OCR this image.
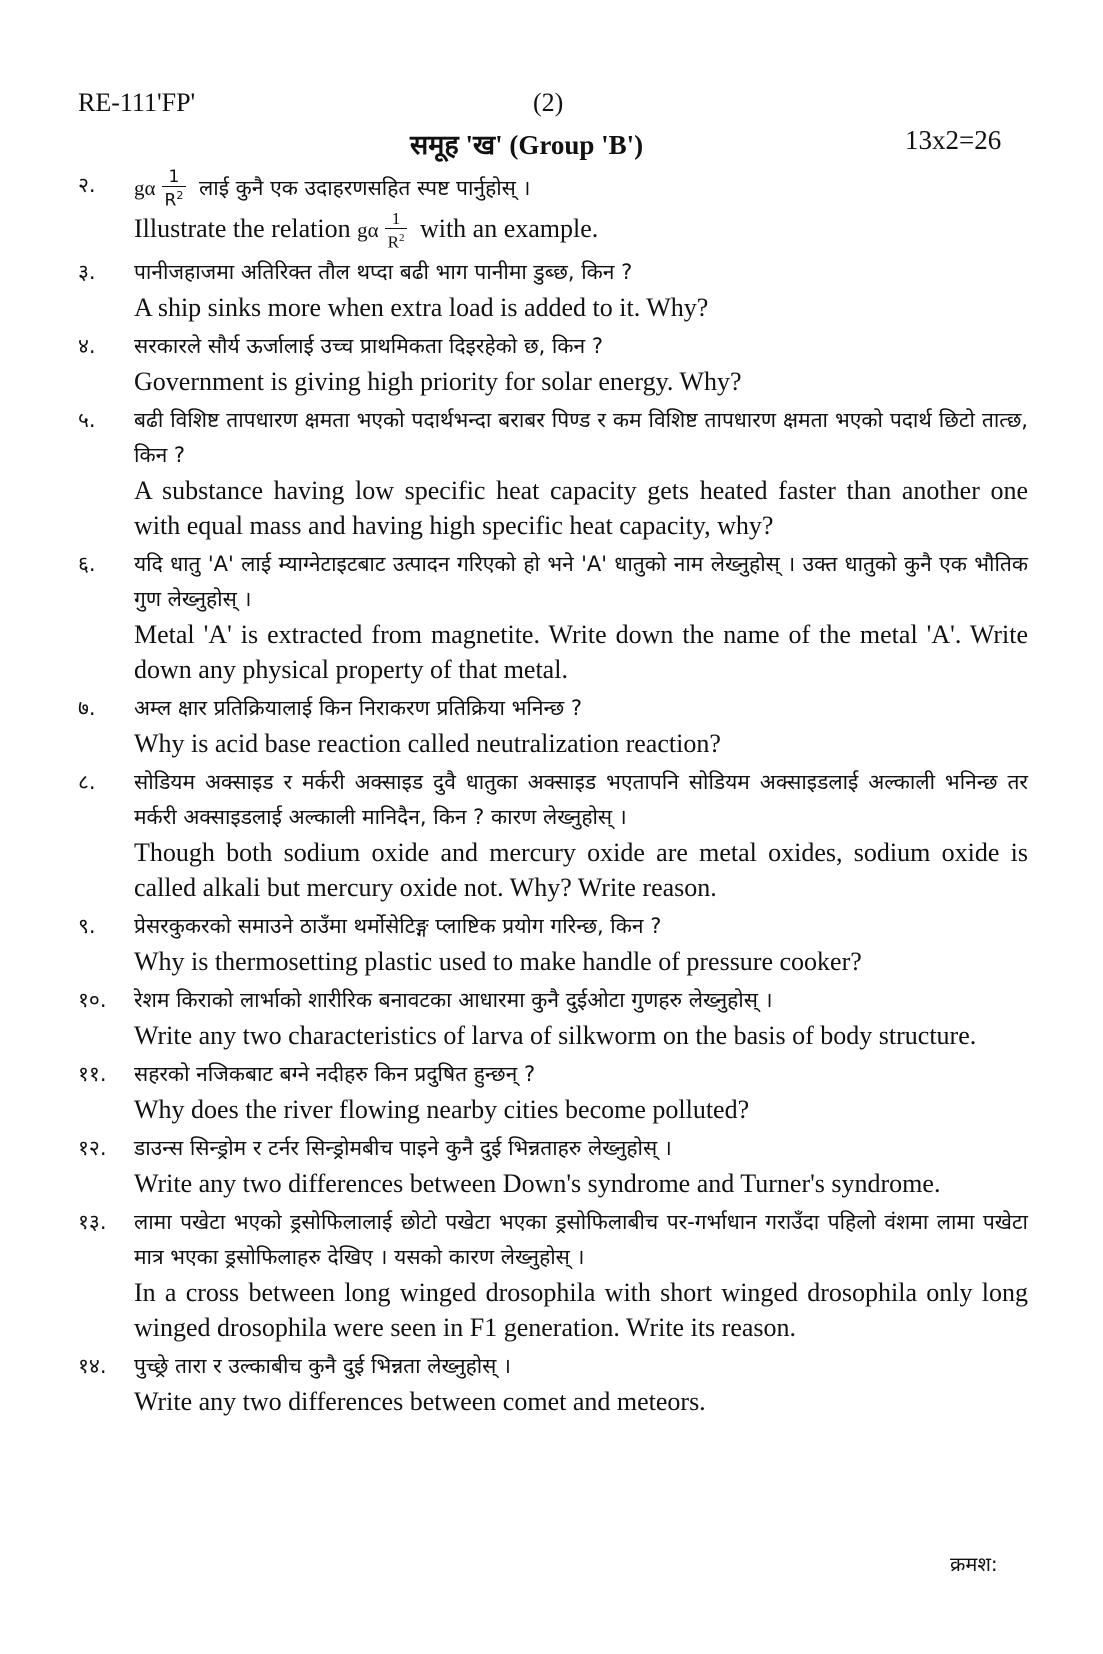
RE-111'FP'	(2)
समूह 'ख' (Group 'B')	13x2=26
२.	gα $\frac{1}{R^2}$ लाई कुनै एक उदाहरणसहित स्पष्ट पार्नुहोस् ।
Illustrate the relation gα $\frac{1}{R^2}$ with an example.
३.	पानीजहाजमा अतिरिक्त तौल थप्दा बढी भाग पानीमा डुब्छ, किन ?
A ship sinks more when extra load is added to it. Why?
४.	सरकारले सौर्य ऊर्जालाई उच्च प्राथमिकता दिइरहेको छ, किन ?
Government is giving high priority for solar energy. Why?
५.	बढी विशिष्ट तापधारण क्षमता भएको पदार्थभन्दा बराबर पिण्ड र कम विशिष्ट तापधारण क्षमता भएको पदार्थ छिटो तात्छ, किन ?
A substance having low specific heat capacity gets heated faster than another one with equal mass and having high specific heat capacity, why?
६.	यदि धातु 'A' लाई म्याग्नेटाइटबाट उत्पादन गरिएको हो भने 'A' धातुको नाम लेख्नुहोस् । उक्त धातुको कुनै एक भौतिक गुण लेख्नुहोस् ।
Metal 'A' is extracted from magnetite. Write down the name of the metal 'A'. Write down any physical property of that metal.
७.	अम्ल क्षार प्रतिक्रियालाई किन निराकरण प्रतिक्रिया भनिन्छ ?
Why is acid base reaction called neutralization reaction?
८.	सोडियम अक्साइड र मर्करी अक्साइड दुवै धातुका अक्साइड भएतापनि सोडियम अक्साइडलाई अल्काली भनिन्छ तर मर्करी अक्साइडलाई अल्काली मानिदैन, किन ? कारण लेख्नुहोस् ।
Though both sodium oxide and mercury oxide are metal oxides, sodium oxide is called alkali but mercury oxide not. Why? Write reason.
९.	प्रेसरकुकरको समाउने ठाउँमा थर्मोसेटिङ्ग प्लाष्टिक प्रयोग गरिन्छ, किन ?
Why is thermosetting plastic used to make handle of pressure cooker?
१०.	रेशम किराको लार्भाको शारीरिक बनावटका आधारमा कुनै दुईओटा गुणहरु लेख्नुहोस् ।
Write any two characteristics of larva of silkworm on the basis of body structure.
११.	सहरको नजिकबाट बग्ने नदीहरु किन प्रदुषित हुन्छन् ?
Why does the river flowing nearby cities become polluted?
१२.	डाउन्स सिन्ड्रोम र टर्नर सिन्ड्रोमबीच पाइने कुनै दुई भिन्नताहरु लेख्नुहोस् ।
Write any two differences between Down's syndrome and Turner's syndrome.
१३.	लामा पखेटा भएको ड्रसोफिलालाई छोटो पखेटा भएका ड्रसोफिलाबीच पर-गर्भाधान गराउँदा पहिलो वंशमा लामा पखेटा मात्र भएका ड्रसोफिलाहरु देखिए । यसको कारण लेख्नुहोस् ।
In a cross between long winged drosophila with short winged drosophila only long winged drosophila were seen in F1 generation. Write its reason.
१४.	पुच्छ्रे तारा र उल्काबीच कुनै दुई भिन्नता लेख्नुहोस् ।
Write any two differences between comet and meteors.
क्रमश:
